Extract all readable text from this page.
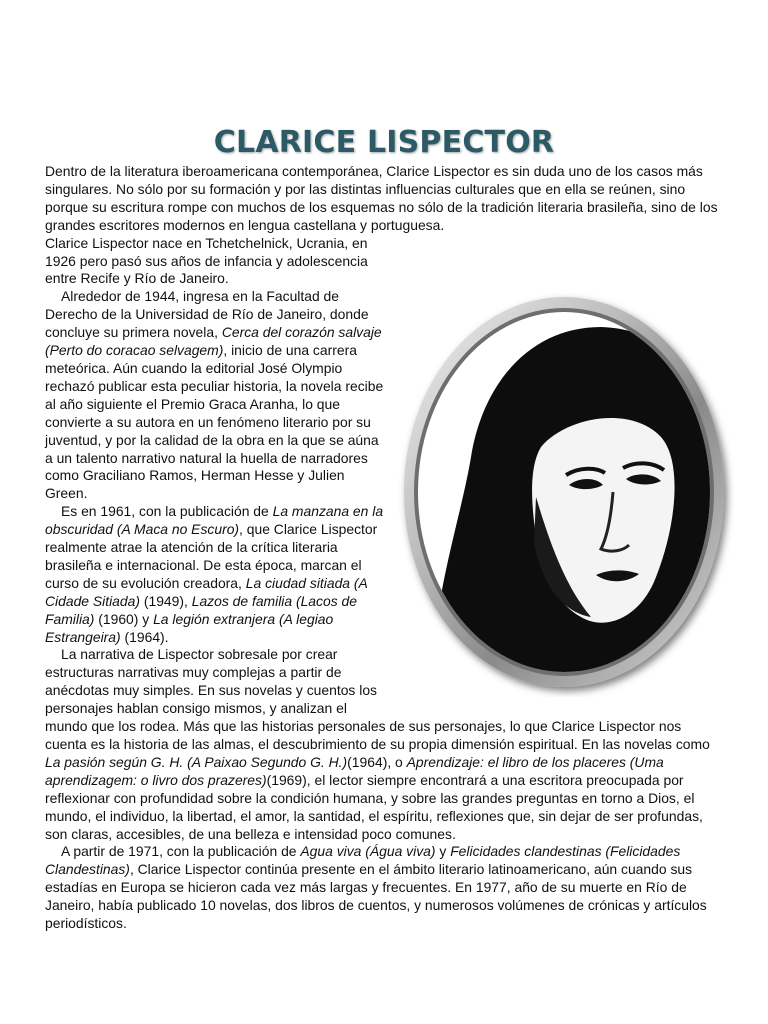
CLARICE LISPECTOR

Dentro de la literatura iberoamericana contemporánea, Clarice Lispector es sin duda uno de los casos más singulares. No sólo por su formación y por las distintas influencias culturales que en ella se reúnen, sino porque su escritura rompe con muchos de los esquemas no sólo de la tradición literaria brasileña, sino de los grandes escritores modernos en lengua castellana y portuguesa.

Clarice Lispector nace en Tchetchelnick, Ucrania, en 1926 pero pasó sus años de infancia y adolescencia entre Recife y Río de Janeiro.

Alrededor de 1944, ingresa en la Facultad de Derecho de la Universidad de Río de Janeiro, donde concluye su primera novela, Cerca del corazón salvaje (Perto do coracao selvagem), inicio de una carrera meteórica. Aún cuando la editorial José Olympio rechazó publicar esta peculiar historia, la novela recibe al año siguiente el Premio Graca Aranha, lo que convierte a su autora en un fenómeno literario por su juventud, y por la calidad de la obra en la que se aúna a un talento narrativo natural la huella de narradores como Graciliano Ramos, Herman Hesse y Julien Green.

Es en 1961, con la publicación de La manzana en la obscuridad (A Maca no Escuro), que Clarice Lispector realmente atrae la atención de la crítica literaria brasileña e internacional. De esta época, marcan el curso de su evolución creadora, La ciudad sitiada (A Cidade Sitiada) (1949), Lazos de familia (Lacos de Familia) (1960) y La legión extranjera (A legiao Estrangeira) (1964).

La narrativa de Lispector sobresale por crear estructuras narrativas muy complejas a partir de anécdotas muy simples. En sus novelas y cuentos los personajes hablan consigo mismos, y analizan el mundo que los rodea. Más que las historias personales de sus personajes, lo que Clarice Lispector nos cuenta es la historia de las almas, el descubrimiento de su propia dimensión espiritual. En las novelas como La pasión según G. H. (A Paixao Segundo G. H.)(1964), o Aprendizaje: el libro de los placeres (Uma aprendizagem: o livro dos prazeres)(1969), el lector siempre encontrará a una escritora preocupada por reflexionar con profundidad sobre la condición humana, y sobre las grandes preguntas en torno a Dios, el mundo, el individuo, la libertad, el amor, la santidad, el espíritu, reflexiones que, sin dejar de ser profundas, son claras, accesibles, de una belleza e intensidad poco comunes.

A partir de 1971, con la publicación de Agua viva (Água viva) y Felicidades clandestinas (Felicidades Clandestinas), Clarice Lispector continúa presente en el ámbito literario latinoamericano, aún cuando sus estadías en Europa se hicieron cada vez más largas y frecuentes. En 1977, año de su muerte en Río de Janeiro, había publicado 10 novelas, dos libros de cuentos, y numerosos volúmenes de crónicas y artículos periodísticos.
